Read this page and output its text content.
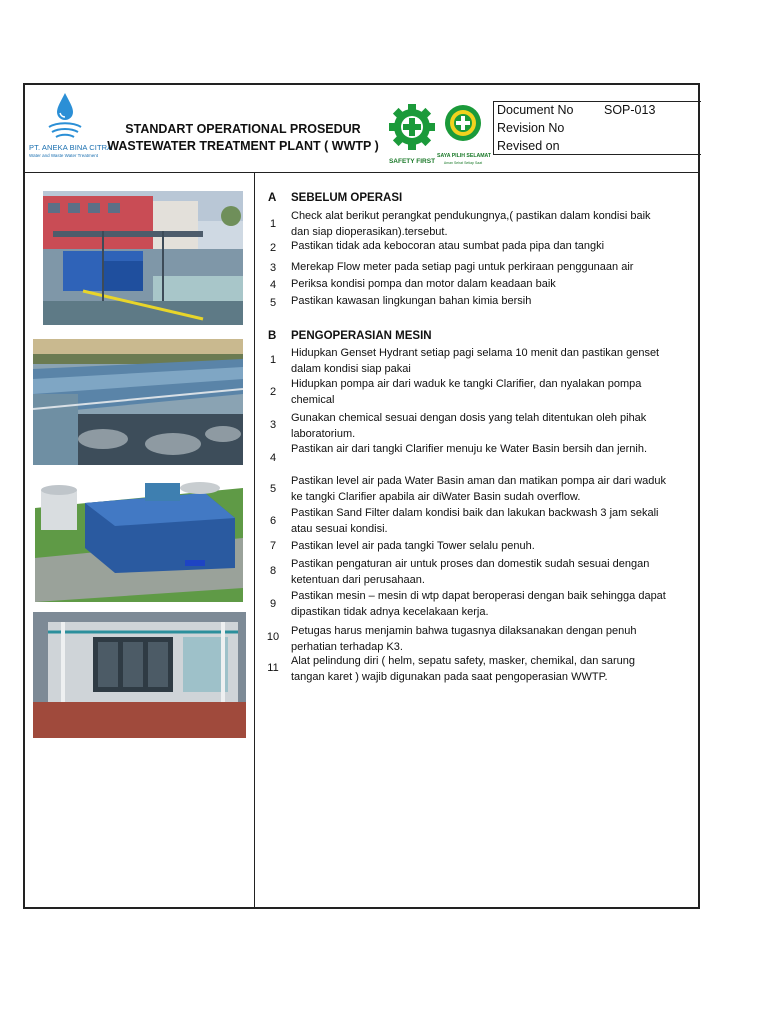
PT. ANEKA BINA CITRA
Water and Waste Water Treatment
STANDART OPERATIONAL PROSEDUR
WASTEWATER TREATMENT PLANT ( WWTP )
SAFETY FIRST
SAYA PILIH SELAMAT
Aman Sehat Setiap Saat
Document No SOP-013
Revision No
Revised on
A SEBELUM OPERASI
1
Check alat berikut perangkat pendukungnya,( pastikan dalam kondisi baik
dan siap dioperasikan).tersebut.
2	Pastikan tidak ada kebocoran atau sumbat pada pipa dan tangki
3	Merekap Flow meter pada setiap pagi untuk perkiraan penggunaan air
4	Periksa kondisi pompa dan motor dalam keadaan baik
5	Pastikan kawasan lingkungan bahan kimia bersih
B PENGOPERASIAN MESIN
1
Hidupkan Genset Hydrant setiap pagi selama 10 menit dan pastikan genset
dalam kondisi siap pakai
2
Hidupkan pompa air dari waduk ke tangki Clarifier, dan nyalakan pompa
chemical
3
Gunakan chemical sesuai dengan dosis yang telah ditentukan oleh pihak
laboratorium.
4
Pastikan air dari tangki Clarifier menuju ke Water Basin bersih dan jernih.
5
Pastikan level air pada Water Basin aman dan matikan pompa air dari waduk
ke tangki Clarifier apabila air diWater Basin sudah overflow.
6
Pastikan Sand Filter dalam kondisi baik dan lakukan backwash 3 jam sekali
atau sesuai kondisi.
7	Pastikan level air pada tangki Tower selalu penuh.
8
Pastikan pengaturan air untuk proses dan domestik sudah sesuai dengan
ketentuan dari perusahaan.
9
Pastikan mesin – mesin di wtp dapat beroperasi dengan baik sehingga dapat
dipastikan tidak adnya kecelakaan kerja.
10 Petugas harus menjamin bahwa tugasnya dilaksanakan dengan penuh
perhatian terhadap K3.
11
Alat pelindung diri ( helm, sepatu safety, masker, chemikal, dan sarung
tangan karet ) wajib digunakan pada saat pengoperasian WWTP.
